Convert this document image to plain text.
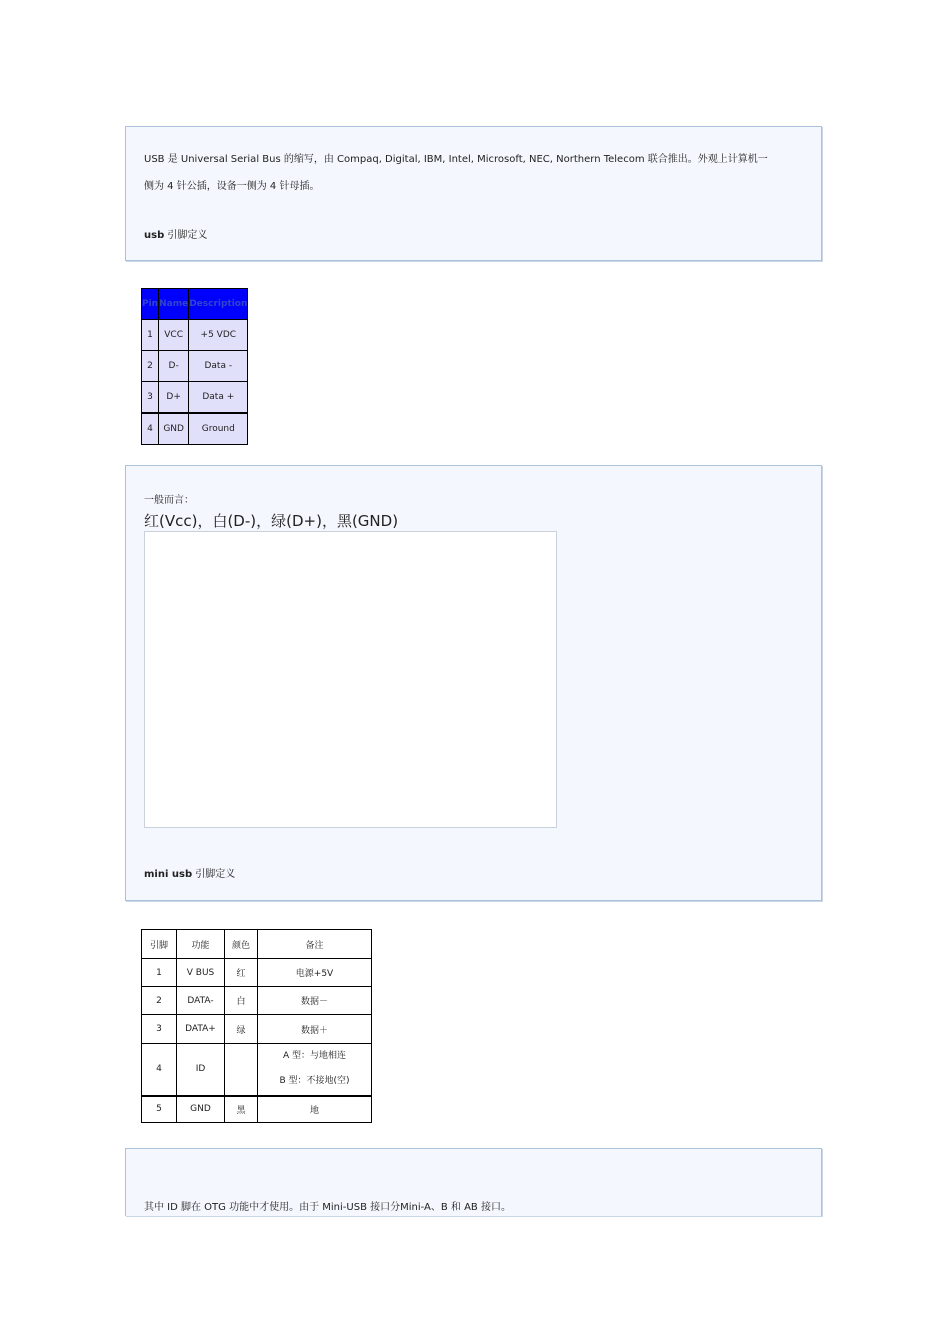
USB 是 Universal Serial Bus 的缩写，由 Compaq, Digital, IBM, Intel, Microsoft, NEC, Northern Telecom 联合推出。外观上计算机一
侧为 4 针公插，设备一侧为 4 针母插。
usb 引脚定义
Pin	Name	Description
1	VCC	+5 VDC
2	D-	Data -
3	D+	Data +
4	GND	Ground
一般而言：
红(Vcc)，白(D-)，绿(D+)，黑(GND)
mini usb 引脚定义
引脚	功能	颜色	备注
1	V BUS	红	电源+5V
2	DATA-	白	数据－
3	DATA+	绿	数据＋
4	ID		A 型：与地相连
B 型：不接地(空)

5	GND	黑	地
其中 ID 脚在 OTG 功能中才使用。由于 Mini-USB 接口分Mini-A、B 和 AB 接口。
